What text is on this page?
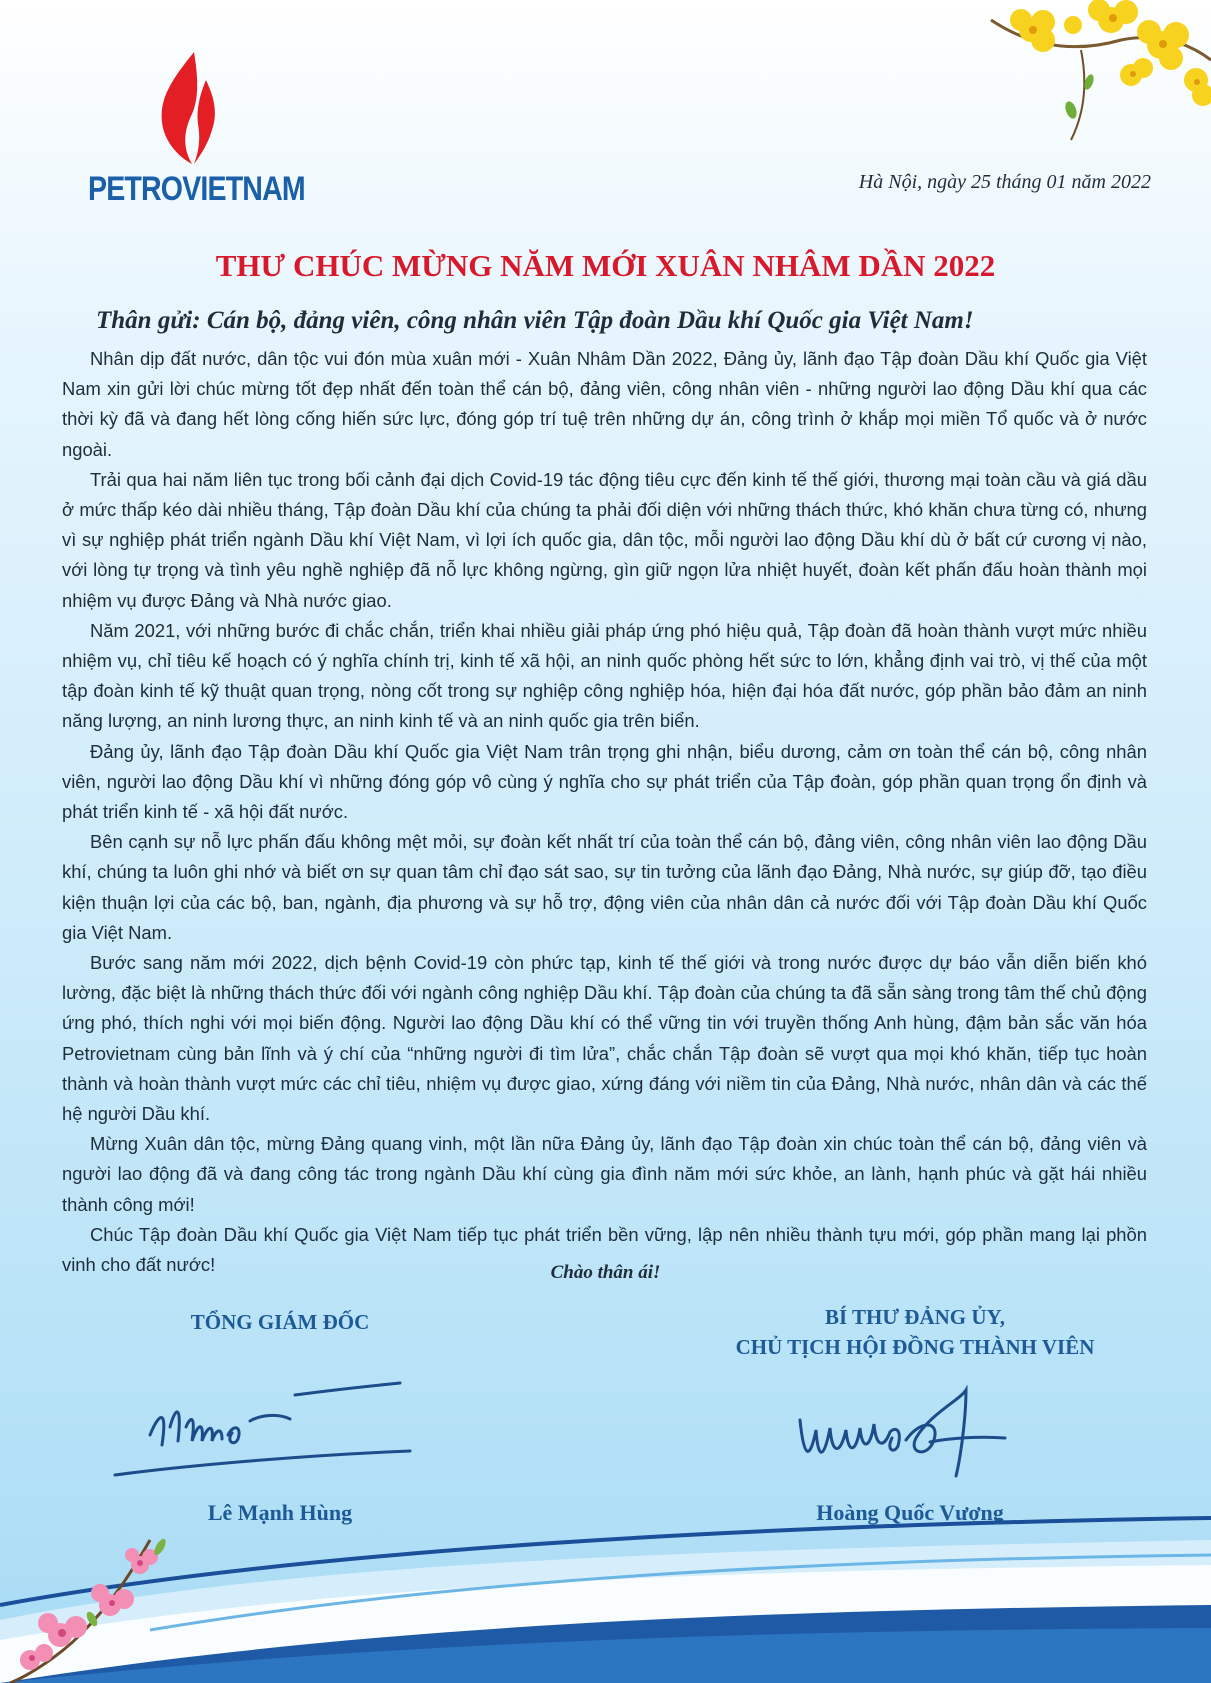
PETROVIETNAM	Hà Nội, ngày 25 tháng 01 năm 2022
THƯ CHÚC MỪNG NĂM MỚI XUÂN NHÂM DẦN 2022
Thân gửi: Cán bộ, đảng viên, công nhân viên Tập đoàn Dầu khí Quốc gia Việt Nam!

Nhân dịp đất nước, dân tộc vui đón mùa xuân mới - Xuân Nhâm Dần 2022, Đảng ủy, lãnh đạo Tập đoàn Dầu khí Quốc gia Việt Nam xin gửi lời chúc mừng tốt đẹp nhất đến toàn thể cán bộ, đảng viên, công nhân viên - những người lao động Dầu khí qua các thời kỳ đã và đang hết lòng cống hiến sức lực, đóng góp trí tuệ trên những dự án, công trình ở khắp mọi miền Tổ quốc và ở nước ngoài.

Trải qua hai năm liên tục trong bối cảnh đại dịch Covid-19 tác động tiêu cực đến kinh tế thế giới, thương mại toàn cầu và giá dầu ở mức thấp kéo dài nhiều tháng, Tập đoàn Dầu khí của chúng ta phải đối diện với những thách thức, khó khăn chưa từng có, nhưng vì sự nghiệp phát triển ngành Dầu khí Việt Nam, vì lợi ích quốc gia, dân tộc, mỗi người lao động Dầu khí dù ở bất cứ cương vị nào, với lòng tự trọng và tình yêu nghề nghiệp đã nỗ lực không ngừng, gìn giữ ngọn lửa nhiệt huyết, đoàn kết phấn đấu hoàn thành mọi nhiệm vụ được Đảng và Nhà nước giao.

Năm 2021, với những bước đi chắc chắn, triển khai nhiều giải pháp ứng phó hiệu quả, Tập đoàn đã hoàn thành vượt mức nhiều nhiệm vụ, chỉ tiêu kế hoạch có ý nghĩa chính trị, kinh tế xã hội, an ninh quốc phòng hết sức to lớn, khẳng định vai trò, vị thế của một tập đoàn kinh tế kỹ thuật quan trọng, nòng cốt trong sự nghiệp công nghiệp hóa, hiện đại hóa đất nước, góp phần bảo đảm an ninh năng lượng, an ninh lương thực, an ninh kinh tế và an ninh quốc gia trên biển.

Đảng ủy, lãnh đạo Tập đoàn Dầu khí Quốc gia Việt Nam trân trọng ghi nhận, biểu dương, cảm ơn toàn thể cán bộ, công nhân viên, người lao động Dầu khí vì những đóng góp vô cùng ý nghĩa cho sự phát triển của Tập đoàn, góp phần quan trọng ổn định và phát triển kinh tế - xã hội đất nước.

Bên cạnh sự nỗ lực phấn đấu không mệt mỏi, sự đoàn kết nhất trí của toàn thể cán bộ, đảng viên, công nhân viên lao động Dầu khí, chúng ta luôn ghi nhớ và biết ơn sự quan tâm chỉ đạo sát sao, sự tin tưởng của lãnh đạo Đảng, Nhà nước, sự giúp đỡ, tạo điều kiện thuận lợi của các bộ, ban, ngành, địa phương và sự hỗ trợ, động viên của nhân dân cả nước đối với Tập đoàn Dầu khí Quốc gia Việt Nam.

Bước sang năm mới 2022, dịch bệnh Covid-19 còn phức tạp, kinh tế thế giới và trong nước được dự báo vẫn diễn biến khó lường, đặc biệt là những thách thức đối với ngành công nghiệp Dầu khí. Tập đoàn của chúng ta đã sẵn sàng trong tâm thế chủ động ứng phó, thích nghi với mọi biến động. Người lao động Dầu khí có thể vững tin với truyền thống Anh hùng, đậm bản sắc văn hóa Petrovietnam cùng bản lĩnh và ý chí của “những người đi tìm lửa”, chắc chắn Tập đoàn sẽ vượt qua mọi khó khăn, tiếp tục hoàn thành và hoàn thành vượt mức các chỉ tiêu, nhiệm vụ được giao, xứng đáng với niềm tin của Đảng, Nhà nước, nhân dân và các thế hệ người Dầu khí.

Mừng Xuân dân tộc, mừng Đảng quang vinh, một lần nữa Đảng ủy, lãnh đạo Tập đoàn xin chúc toàn thể cán bộ, đảng viên và người lao động đã và đang công tác trong ngành Dầu khí cùng gia đình năm mới sức khỏe, an lành, hạnh phúc và gặt hái nhiều thành công mới!

Chúc Tập đoàn Dầu khí Quốc gia Việt Nam tiếp tục phát triển bền vững, lập nên nhiều thành tựu mới, góp phần mang lại phồn vinh cho đất nước!	Chào thân ái!
TỔNG GIÁM ĐỐC	BÍ THƯ ĐẢNG ỦY,
CHỦ TỊCH HỘI ĐỒNG THÀNH VIÊN
Lê Mạnh Hùng	Hoàng Quốc Vượng
